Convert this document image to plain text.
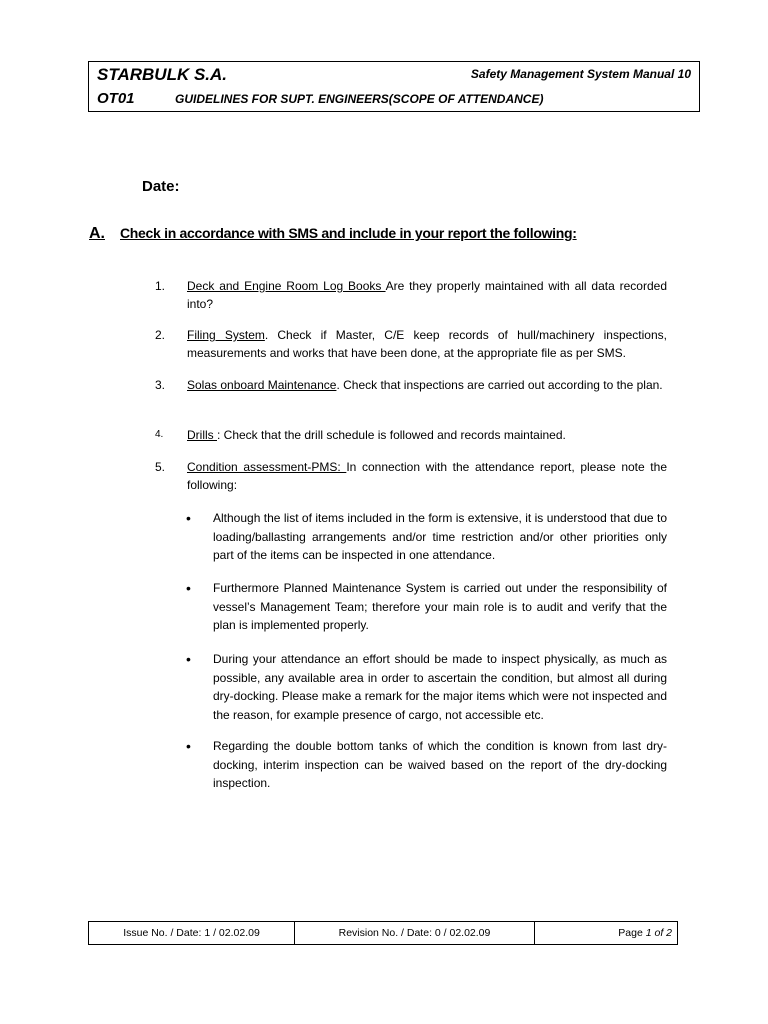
STARBULK S.A.	Safety Management System Manual 10
OT01	GUIDELINES FOR SUPT. ENGINEERS(SCOPE OF ATTENDANCE)
Date:
A. Check in accordance with SMS and include in your report the following:
1. Deck and Engine Room Log Books Are they properly maintained with all data recorded into?
2. Filing System. Check if Master, C/E keep records of hull/machinery inspections, measurements and works that have been done, at the appropriate file as per SMS.
3. Solas onboard Maintenance. Check that inspections are carried out according to the plan.
4. Drills : Check that the drill schedule is followed and records maintained.
5. Condition assessment-PMS: In connection with the attendance report, please note the following:
• Although the list of items included in the form is extensive, it is understood that due to loading/ballasting arrangements and/or time restriction and/or other priorities only part of the items can be inspected in one attendance.
• Furthermore Planned Maintenance System is carried out under the responsibility of vessel’s Management Team; therefore your main role is to audit and verify that the plan is implemented properly.
• During your attendance an effort should be made to inspect physically, as much as possible, any available area in order to ascertain the condition, but almost all during dry-docking. Please make a remark for the major items which were not inspected and the reason, for example presence of cargo, not accessible etc.
• Regarding the double bottom tanks of which the condition is known from last dry-docking, interim inspection can be waived based on the report of the dry-docking inspection.
Issue No. / Date: 1 / 02.02.09	Revision No. / Date: 0 / 02.02.09	Page 1 of 2
